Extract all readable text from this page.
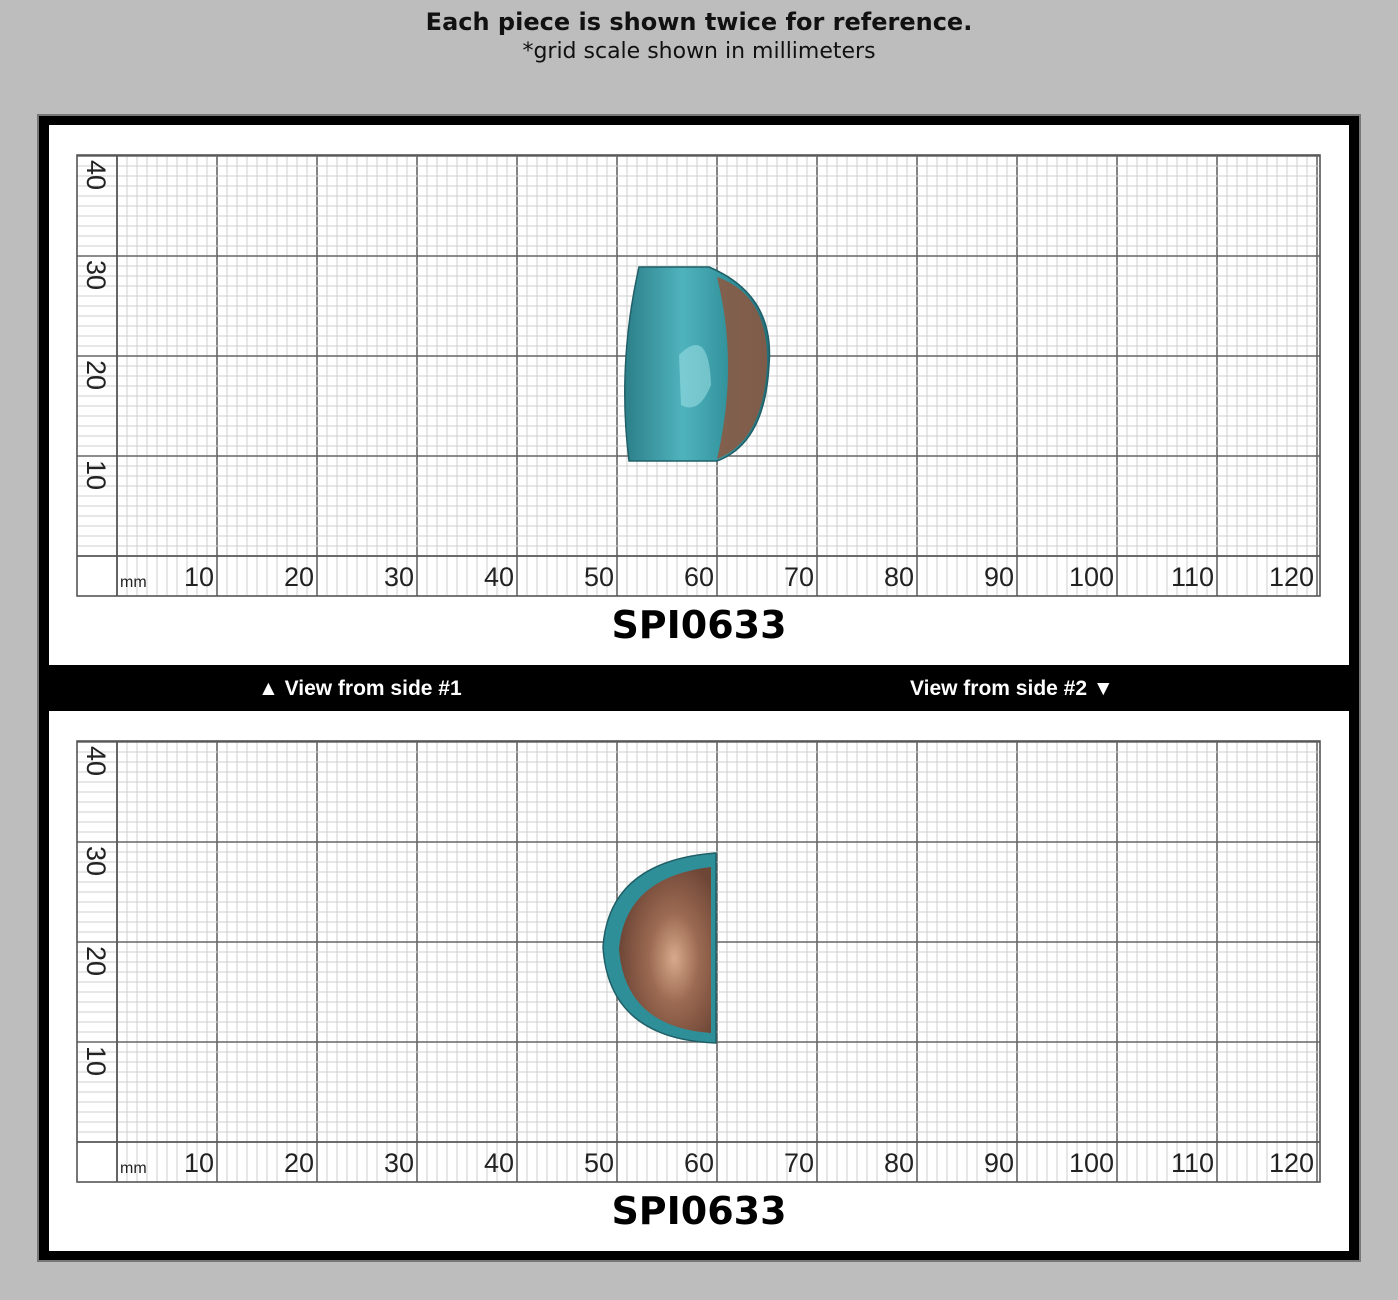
Each piece is shown twice for reference.
*grid scale shown in millimeters
mm 10	20	30	40	50	60	70	80	90 100 110 120
40
30
20
10
SPI0633
▲ View from side #1	View from side #2 ▼
mm 10	20	30	40	50	60	70	80	90 100 110 120
40
30
20
10
SPI0633
